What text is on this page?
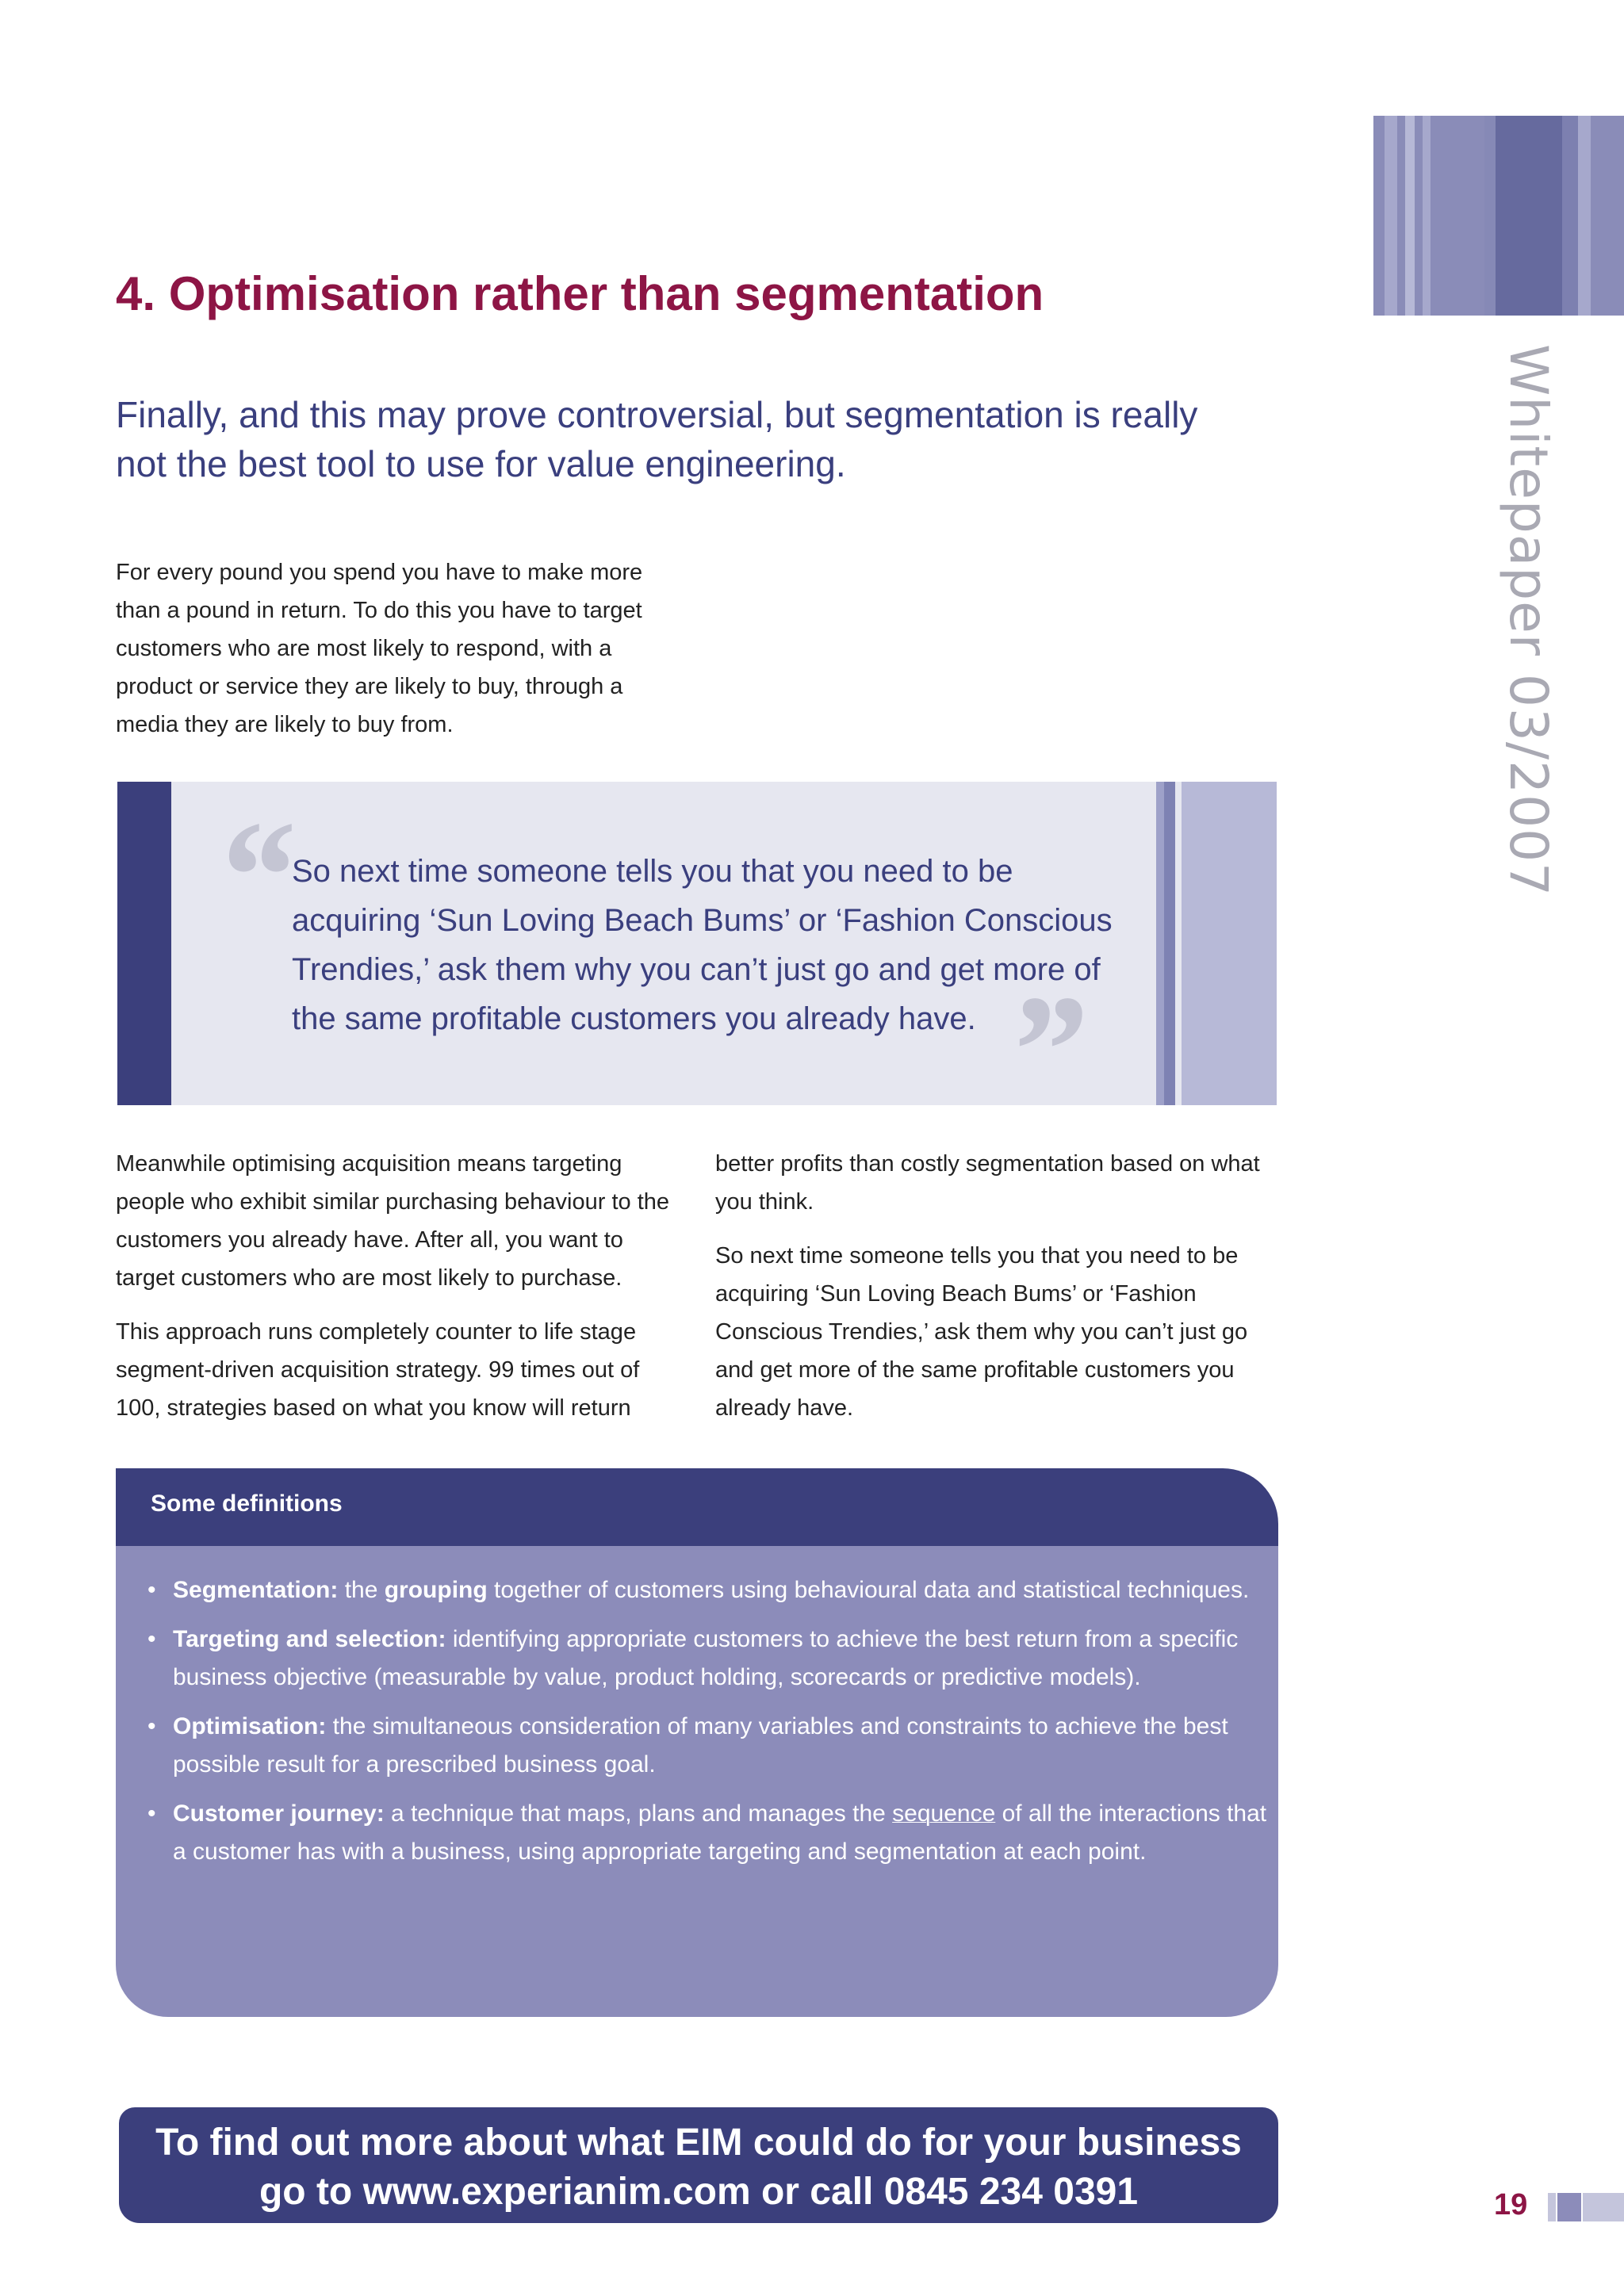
Whitepaper 03/2007
4. Optimisation rather than segmentation

Finally, and this may prove controversial, but segmentation is really not the best tool to use for value engineering.

For every pound you spend you have to make more than a pound in return. To do this you have to target customers who are most likely to respond, with a product or service they are likely to buy, through a media they are likely to buy from.

“

So next time someone tells you that you need to be acquiring ‘Sun Loving Beach Bums’ or ‘Fashion Conscious Trendies,’ ask them why you can’t just go and get more of the same profitable customers you already have. ”

Meanwhile optimising acquisition means targeting people who exhibit similar purchasing behaviour to the customers you already have. After all, you want to target customers who are most likely to purchase.

This approach runs completely counter to life stage segment-driven acquisition strategy. 99 times out of 100, strategies based on what you know will return

better profits than costly segmentation based on what you think.

So next time someone tells you that you need to be acquiring ‘Sun Loving Beach Bums’ or ‘Fashion Conscious Trendies,’ ask them why you can’t just go and get more of the same profitable customers you already have.

Some definitions

• Segmentation: the grouping together of customers using behavioural data and statistical techniques.
• Targeting and selection: identifying appropriate customers to achieve the best return from a specific business objective (measurable by value, product holding, scorecards or predictive models).
• Optimisation: the simultaneous consideration of many variables and constraints to achieve the best possible result for a prescribed business goal.
• Customer journey: a technique that maps, plans and manages the sequence of all the interactions that a customer has with a business, using appropriate targeting and segmentation at each point.

To find out more about what EIM could do for your business

go to www.experianim.com or call 0845 234 0391	19
